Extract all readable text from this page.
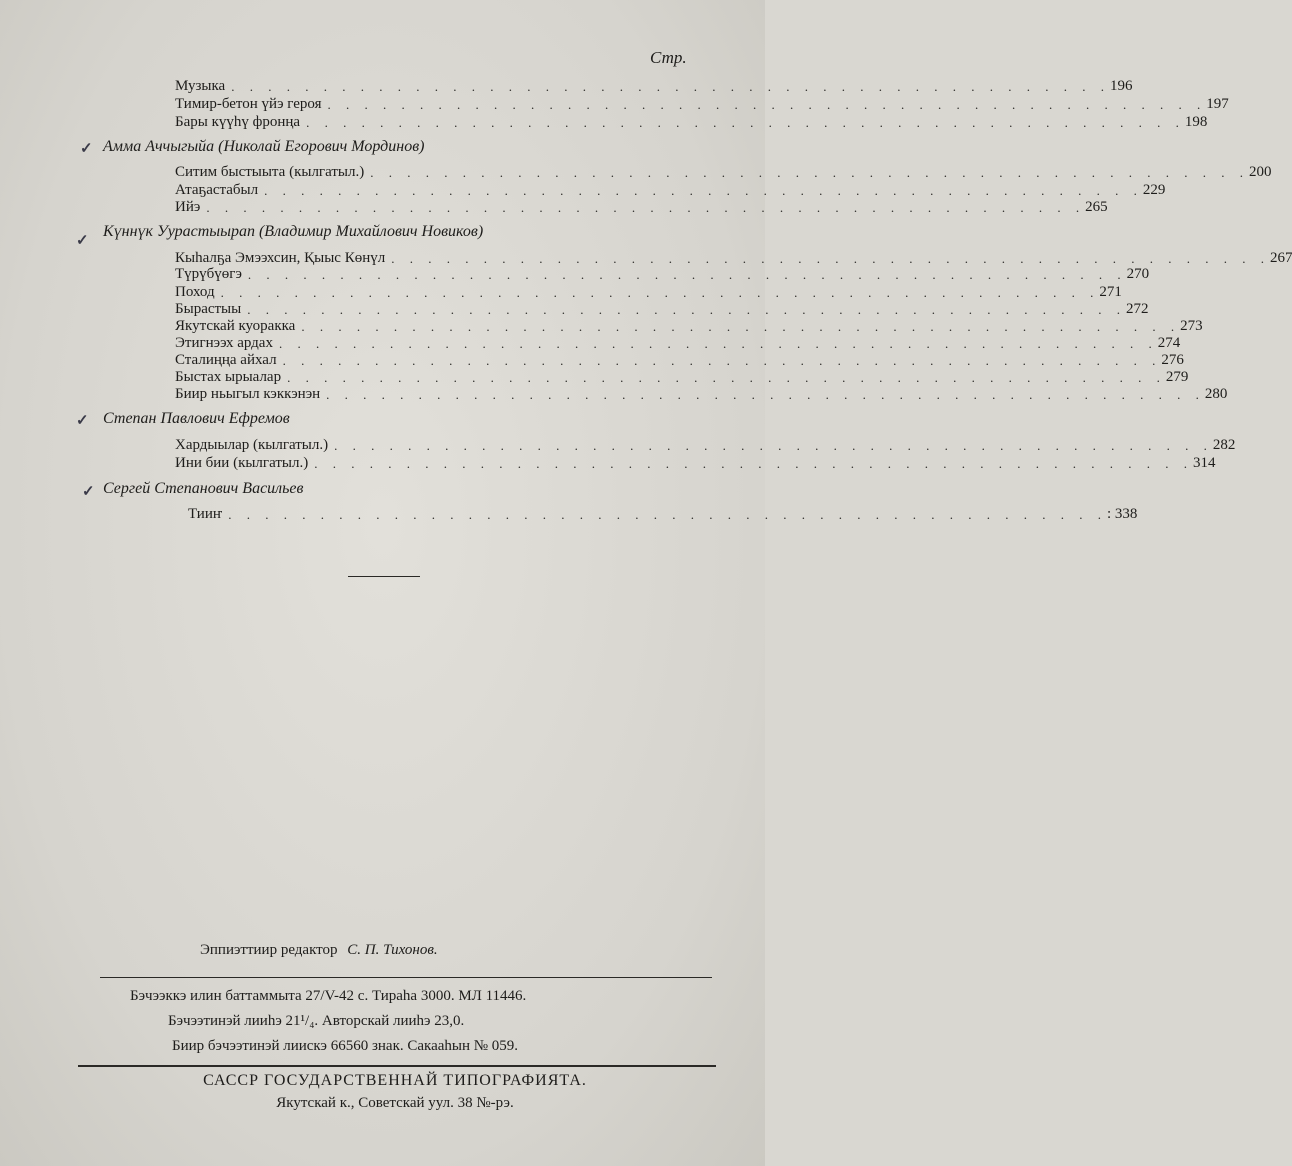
Стр.
Музыка . . . . . . . . . . . . . . . . . . . . . . . . . . . . . . . . . . . . . . . . . . . . . . . . 196
Тимир-бетон үйэ героя . . . . . . . . . . . . . . . . . . . . . . . . . . . . . . . . . . . . . . . . . . . . . . . . 197
Бары күүһү фронңа . . . . . . . . . . . . . . . . . . . . . . . . . . . . . . . . . . . . . . . . . . . . . . . . 198
✓ Амма Аччыгыйа (Николай Егорович Мординов)
Ситим быстыыта (кылгатыл.) . . . . . . . . . . . . . . . . . . . . . . . . . . . . . . . . . . . . . . . . . . . . . . . . 200
Атаҕастабыл . . . . . . . . . . . . . . . . . . . . . . . . . . . . . . . . . . . . . . . . . . . . . . . . 229
Ийэ . . . . . . . . . . . . . . . . . . . . . . . . . . . . . . . . . . . . . . . . . . . . . . . . 265
✓
Күннүк Уурастыырап (Владимир Михайлович Новиков)
Кыһалҕа Эмээхсин, Қыыс Көнүл . . . . . . . . . . . . . . . . . . . . . . . . . . . . . . . . . . . . . . . . . . . . . . . . 267
Түрүбүөгэ . . . . . . . . . . . . . . . . . . . . . . . . . . . . . . . . . . . . . . . . . . . . . . . . 270
Поход . . . . . . . . . . . . . . . . . . . . . . . . . . . . . . . . . . . . . . . . . . . . . . . . 271
Бырастыы . . . . . . . . . . . . . . . . . . . . . . . . . . . . . . . . . . . . . . . . . . . . . . . . 272
Якутскай куоракка . . . . . . . . . . . . . . . . . . . . . . . . . . . . . . . . . . . . . . . . . . . . . . . . 273
Этигнээх ардах . . . . . . . . . . . . . . . . . . . . . . . . . . . . . . . . . . . . . . . . . . . . . . . . 274
Сталиңңа айхал . . . . . . . . . . . . . . . . . . . . . . . . . . . . . . . . . . . . . . . . . . . . . . . . 276
Быстах ырыалар . . . . . . . . . . . . . . . . . . . . . . . . . . . . . . . . . . . . . . . . . . . . . . . . 279
Биир ньыгыл кэккэнэн . . . . . . . . . . . . . . . . . . . . . . . . . . . . . . . . . . . . . . . . . . . . . . . . 280
✓ Степан Павлович Ефремов
Хардыылар (кылгатыл.) . . . . . . . . . . . . . . . . . . . . . . . . . . . . . . . . . . . . . . . . . . . . . . . . 282
Ини бии (кылгатыл.) . . . . . . . . . . . . . . . . . . . . . . . . . . . . . . . . . . . . . . . . . . . . . . . . 314
✓ Сергей Степанович Васильев
Тииҥ . . . . . . . . . . . . . . . . . . . . . . . . . . . . . . . . . . . . . . . . . . . . . . . . : 338
Эппиэттиир редактор С. П. Тихонов.
Бэчээккэ илин баттаммыта 27/V-42 с. Тираһа 3000. МЛ 11446.
Бэчээтинэй лииһэ 21¹/₄. Авторскай лииһэ 23,0.
Биир бэчээтинэй лиискэ 66560 знак. Сакааһын № 059.
САССР ГОСУДАРСТВЕННАЙ ТИПОГРАФИЯТА.
Якутскай к., Советскай уул. 38 №-рэ.
